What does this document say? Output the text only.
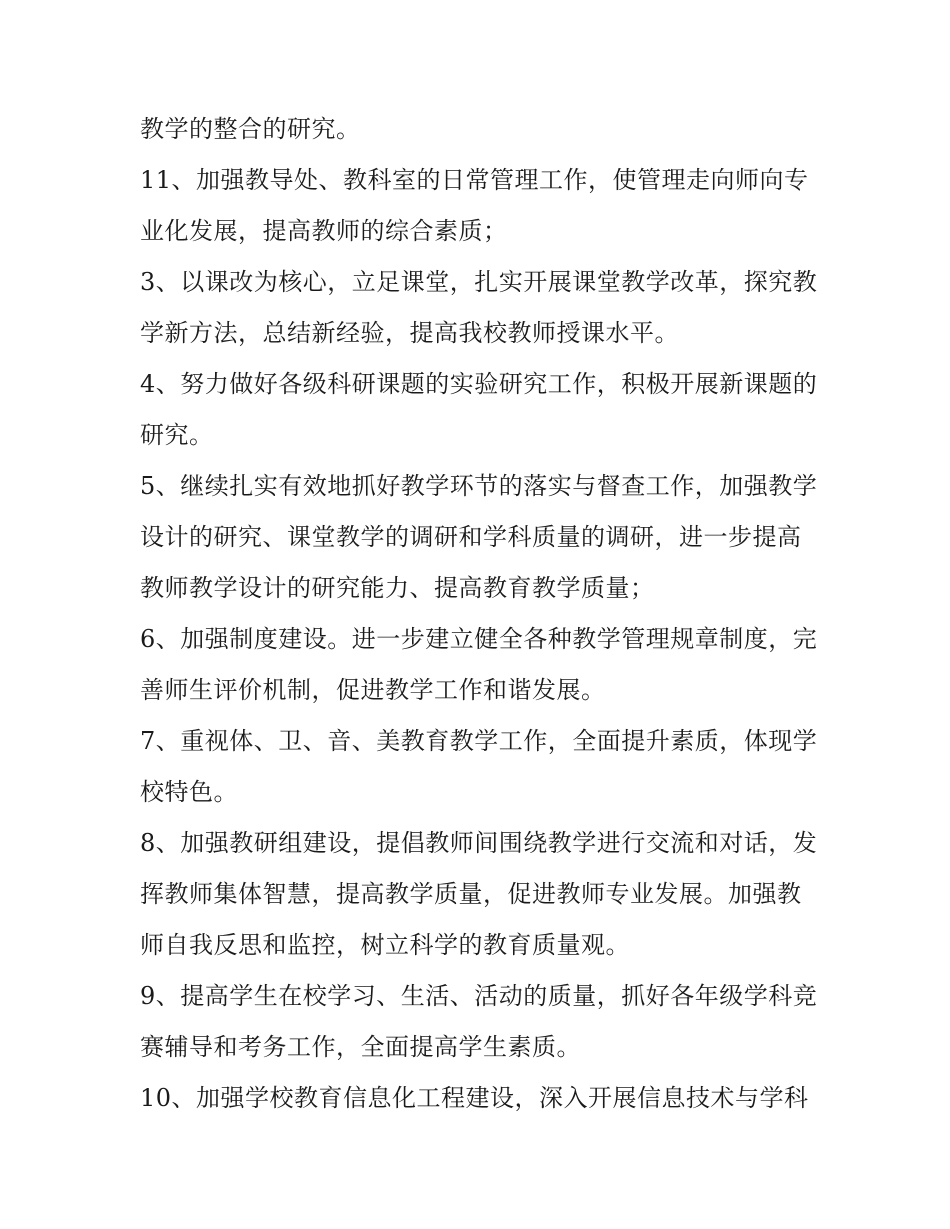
教学的整合的研究。

11、加强教导处、教科室的日常管理工作，使管理走向师向专业化发展，提高教师的综合素质；

3、以课改为核心，立足课堂，扎实开展课堂教学改革，探究教学新方法，总结新经验，提高我校教师授课水平。

4、努力做好各级科研课题的实验研究工作，积极开展新课题的研究。

5、继续扎实有效地抓好教学环节的落实与督查工作，加强教学设计的研究、课堂教学的调研和学科质量的调研，进一步提高教师教学设计的研究能力、提高教育教学质量；

6、加强制度建设。进一步建立健全各种教学管理规章制度，完善师生评价机制，促进教学工作和谐发展。

7、重视体、卫、音、美教育教学工作，全面提升素质，体现学校特色。

8、加强教研组建设，提倡教师间围绕教学进行交流和对话，发挥教师集体智慧，提高教学质量，促进教师专业发展。加强教师自我反思和监控，树立科学的教育质量观。

9、提高学生在校学习、生活、活动的质量，抓好各年级学科竞赛辅导和考务工作，全面提高学生素质。

10、加强学校教育信息化工程建设，深入开展信息技术与学科
